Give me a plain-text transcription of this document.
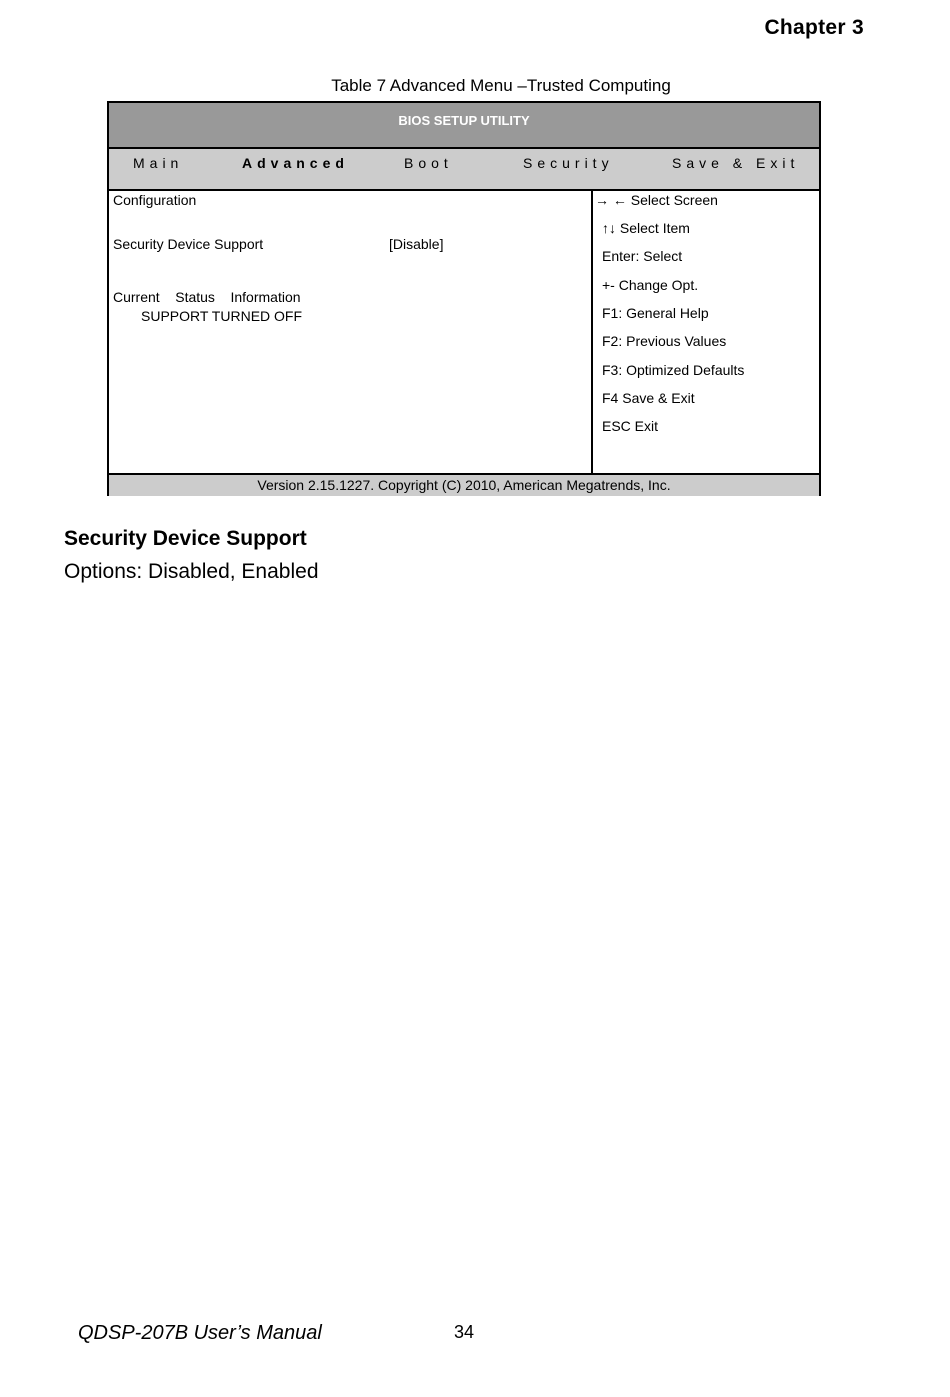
Chapter 3
Table 7 Advanced Menu –Trusted Computing
BIOS SETUP UTILITY
Main	Advanced	Boot	Security	Save & Exit
Configuration
Security Device Support	[Disable]
Current    Status    Information
SUPPORT TURNED OFF
→ ← Select Screen
↑↓ Select Item
Enter: Select
+- Change Opt.
F1: General Help
F2: Previous Values
F3: Optimized Defaults
F4 Save & Exit
ESC Exit
Version 2.15.1227. Copyright (C) 2010, American Megatrends, Inc.
Security Device Support
Options: Disabled, Enabled
QDSP-207B User’s Manual	34
